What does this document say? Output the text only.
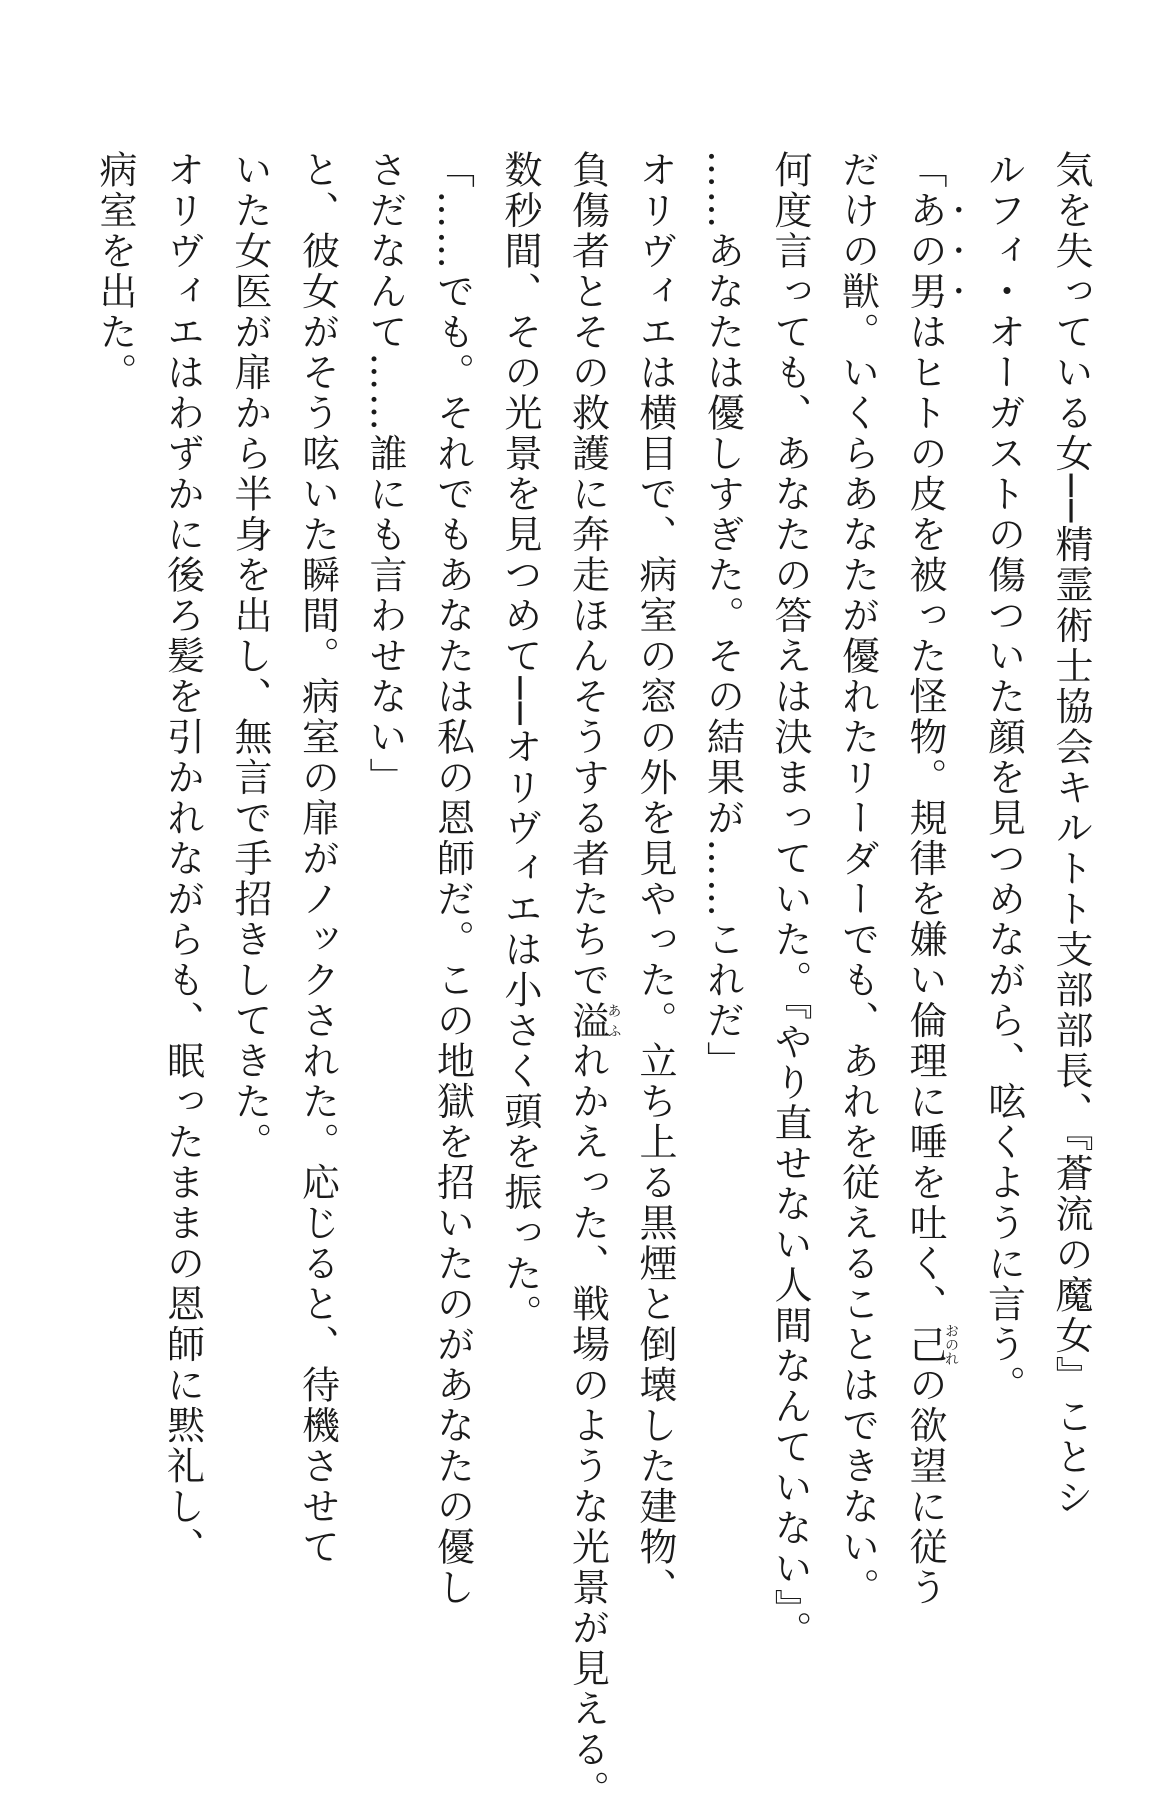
気を失っている女──精霊術士協会キルトト支部部長、『蒼流の魔女』ことシ

ルフィ・オーガストの傷ついた顔を見つめながら、呟くように言う。

「あの男はヒトの皮を被った怪物。規律を嫌い倫理に唾を吐く、己おのれの欲望に従う

だけの獣。いくらあなたが優れたリーダーでも、あれを従えることはできない。

何度言っても、あなたの答えは決まっていた。『やり直せない人間なんていない』。

……あなたは優しすぎた。その結果が……これだ」

オリヴィエは横目で、病室の窓の外を見やった。立ち上る黒煙と倒壊した建物、

負傷者とその救護に奔走ほんそうする者たちで溢あふれかえった、戦場のような光景が見える。

数秒間、その光景を見つめて──オリヴィエは小さく頭を振った。

「……でも。それでもあなたは私の恩師だ。この地獄を招いたのがあなたの優し

さだなんて……誰にも言わせない」

と、彼女がそう呟いた瞬間。病室の扉がノックされた。応じると、待機させて

いた女医が扉から半身を出し、無言で手招きしてきた。

オリヴィエはわずかに後ろ髪を引かれながらも、眠ったままの恩師に黙礼し、

病室を出た。
